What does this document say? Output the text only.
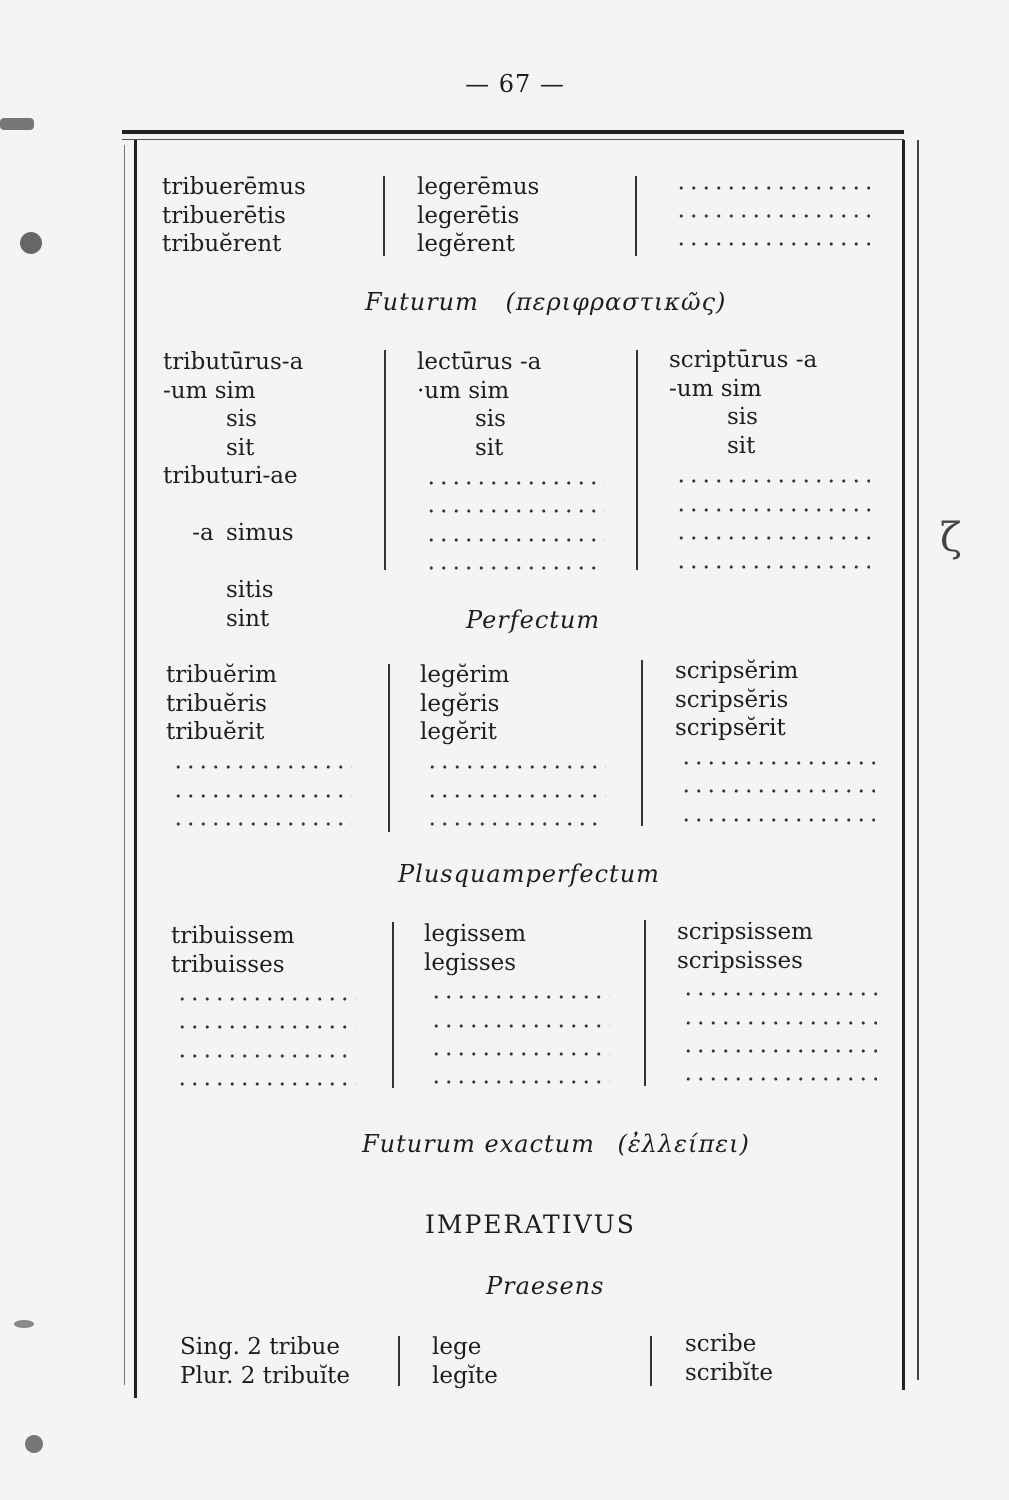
— 67 —
ζ
tribuerēmus
tribuerētis
tribuĕrent
legerēmus
legerētis
legĕrent
Futurum (περιφραστικῶς)
tributūrus-a
-um sim
sis
sit
tributuri-ae

-a simus

sitis
sint
lectūrus -a
·um sim
sis
sit
scriptūrus -a
-um sim
sis
sit
Perfectum
tribuĕrim
tribuĕris
tribuĕrit
legĕrim
legĕris
legĕrit
scripsĕrim
scripsĕris
scripsĕrit
Plusquamperfectum
tribuissem
tribuisses
legissem
legisses
scripsissem
scripsisses
Futurum exactum (ἐλλείπει)
IMPERATIVUS
Praesens
Sing. 2 tribue
Plur. 2 tribuĭte
lege
legĭte
scribe
scribĭte
